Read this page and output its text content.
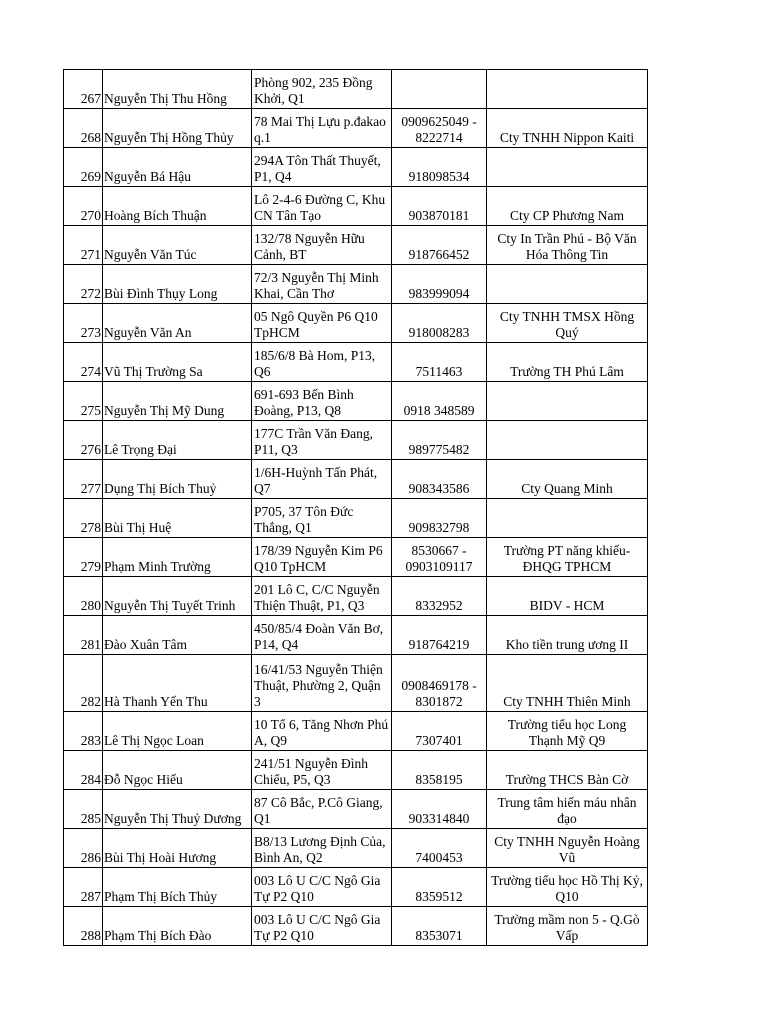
267	Nguyễn Thị Thu Hồng	Phòng 902, 235 Đồng Khởi, Q1		
268	Nguyễn Thị Hồng Thủy	78 Mai Thị Lựu p.đakao q.1	0909625049 - 8222714	Cty TNHH Nippon Kaiti
269	Nguyễn Bá Hậu	294A Tôn Thất Thuyết, P1, Q4	918098534	
270	Hoàng Bích Thuận	Lô 2-4-6 Đường C, Khu CN Tân Tạo	903870181	Cty CP Phương Nam
271	Nguyễn Văn Túc	132/78 Nguyễn Hữu Cảnh, BT	918766452	Cty In Trần Phú - Bộ Văn Hóa Thông Tin
272	Bùi Đình Thụy Long	72/3 Nguyễn Thị Minh Khai, Cần Thơ	983999094	
273	Nguyễn Văn An	05 Ngô Quyền P6 Q10 TpHCM	918008283	Cty TNHH TMSX Hồng Quý
274	Vũ Thị Trường Sa	185/6/8 Bà Hom, P13, Q6	7511463	Trường TH Phú Lâm
275	Nguyễn Thị Mỹ Dung	691-693 Bến Bình Đoàng, P13, Q8	0918 348589	
276	Lê Trọng Đại	177C Trần Văn Đang, P11, Q3	989775482	
277	Dụng Thị Bích Thuỷ	1/6H-Huỳnh Tấn Phát, Q7	908343586	Cty Quang Minh
278	Bùi Thị Huệ	P705, 37 Tôn Đức Thắng, Q1	909832798	
279	Phạm Minh Trường	178/39 Nguyễn Kim P6 Q10 TpHCM	8530667 - 0903109117	Trường PT năng khiếu-ĐHQG TPHCM
280	Nguyễn Thị Tuyết Trinh	201 Lô C, C/C Nguyễn Thiện Thuật, P1, Q3	8332952	BIDV - HCM
281	Đào Xuân Tâm	450/85/4 Đoàn Văn Bơ, P14, Q4	918764219	Kho tiền trung ương II
282	Hà Thanh Yến Thu	16/41/53 Nguyễn Thiện Thuật, Phường 2, Quận 3	0908469178 - 8301872	Cty TNHH Thiên Minh
283	Lê Thị Ngọc Loan	10 Tổ 6, Tăng Nhơn Phú A, Q9	7307401	Trường tiểu học Long Thạnh Mỹ Q9
284	Đỗ Ngọc Hiếu	241/51 Nguyễn Đình Chiểu, P5, Q3	8358195	Trường THCS Bàn Cờ
285	Nguyễn Thị Thuỷ Dương	87 Cô Bắc, P.Cô Giang, Q1	903314840	Trung tâm hiến máu nhân đạo
286	Bùi Thị Hoài Hương	B8/13 Lương Định Của, Bình An, Q2	7400453	Cty TNHH Nguyễn Hoàng Vũ
287	Phạm Thị Bích Thủy	003 Lô U C/C Ngô Gia Tự P2 Q10	8359512	Trường tiểu học Hồ Thị Kỷ, Q10
288	Phạm Thị Bích Đào	003 Lô U C/C Ngô Gia Tự P2 Q10	8353071	Trường mầm non 5 - Q.Gò Vấp
